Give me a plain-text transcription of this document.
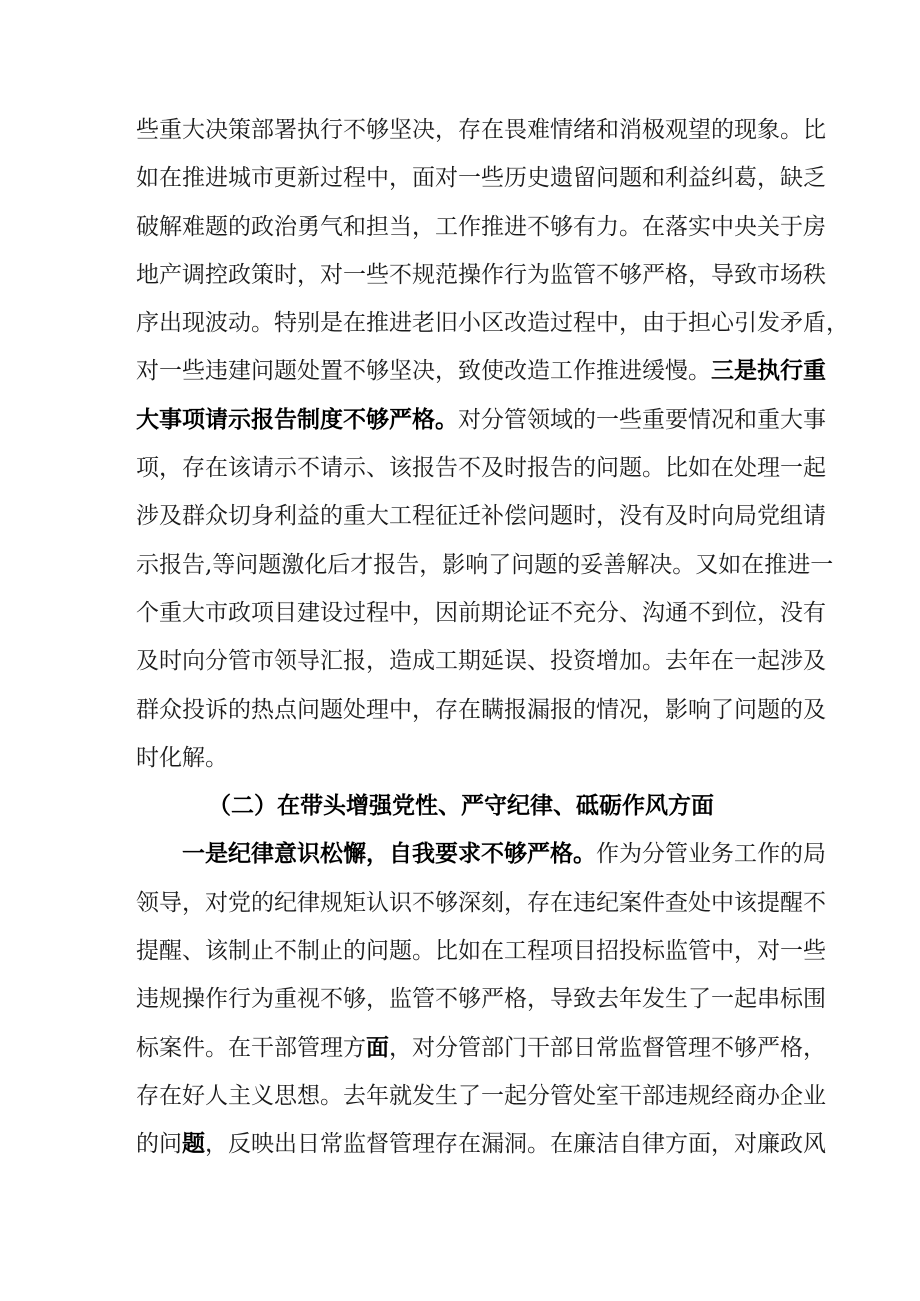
些重大决策部署执行不够坚决，存在畏难情绪和消极观望的现象。比
如在推进城市更新过程中，面对一些历史遗留问题和利益纠葛，缺乏
破解难题的政治勇气和担当，工作推进不够有力。在落实中央关于房
地产调控政策时，对一些不规范操作行为监管不够严格，导致市场秩
序出现波动。特别是在推进老旧小区改造过程中，由于担心引发矛盾，
对一些违建问题处置不够坚决，致使改造工作推进缓慢。三是执行重
大事项请示报告制度不够严格。对分管领域的一些重要情况和重大事
项，存在该请示不请示、该报告不及时报告的问题。比如在处理一起
涉及群众切身利益的重大工程征迁补偿问题时，没有及时向局党组请
示报告,等问题激化后才报告，影响了问题的妥善解决。又如在推进一
个重大市政项目建设过程中，因前期论证不充分、沟通不到位，没有
及时向分管市领导汇报，造成工期延误、投资增加。去年在一起涉及
群众投诉的热点问题处理中，存在瞒报漏报的情况，影响了问题的及
时化解。
（二）在带头增强党性、严守纪律、砥砺作风方面
一是纪律意识松懈，自我要求不够严格。作为分管业务工作的局
领导，对党的纪律规矩认识不够深刻，存在违纪案件查处中该提醒不
提醒、该制止不制止的问题。比如在工程项目招投标监管中，对一些
违规操作行为重视不够，监管不够严格，导致去年发生了一起串标围
标案件。在干部管理方面，对分管部门干部日常监督管理不够严格，
存在好人主义思想。去年就发生了一起分管处室干部违规经商办企业
的问题，反映出日常监督管理存在漏洞。在廉洁自律方面，对廉政风
